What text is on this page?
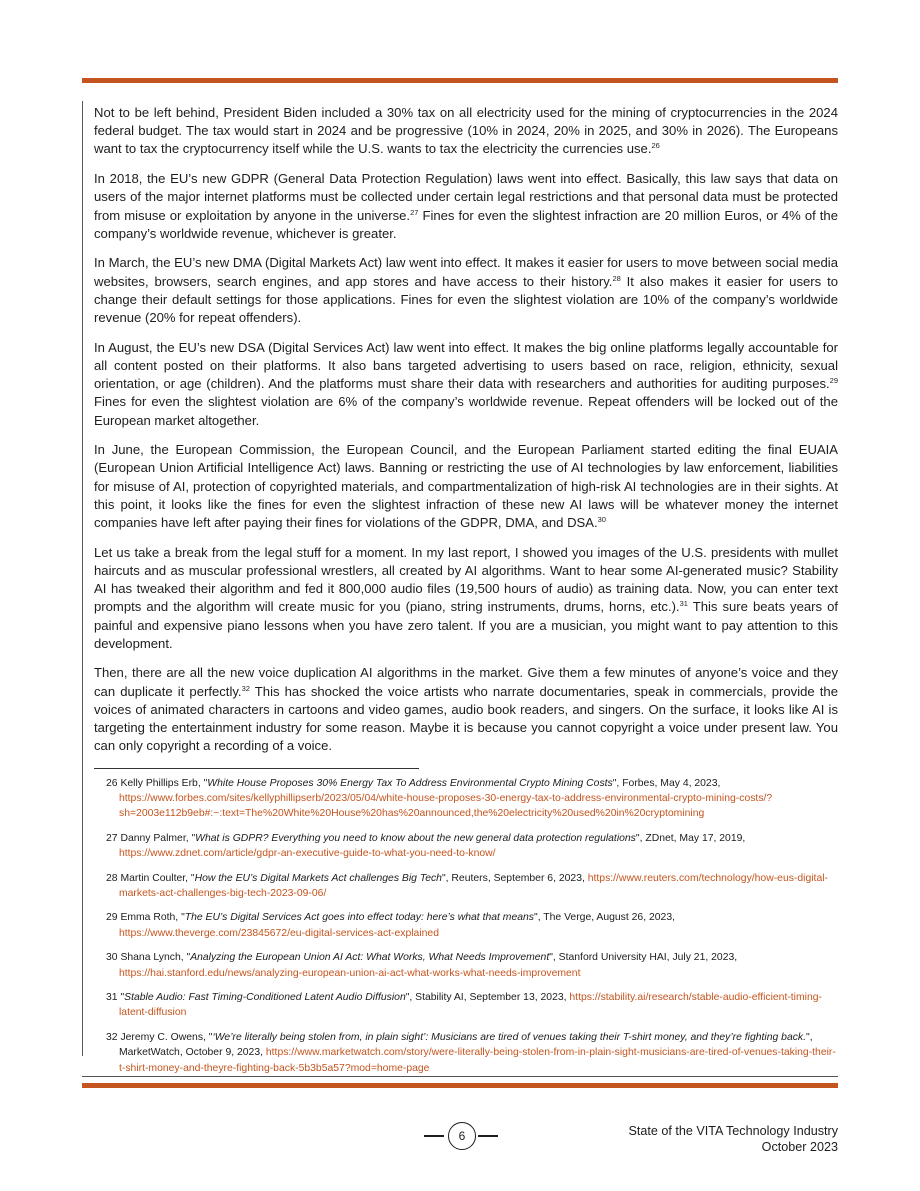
Not to be left behind, President Biden included a 30% tax on all electricity used for the mining of cryptocurrencies in the 2024 federal budget. The tax would start in 2024 and be progressive (10% in 2024, 20% in 2025, and 30% in 2026). The Europeans want to tax the cryptocurrency itself while the U.S. wants to tax the electricity the currencies use.$^{26}$

In 2018, the EU’s new GDPR (General Data Protection Regulation) laws went into effect. Basically, this law says that data on users of the major internet platforms must be collected under certain legal restrictions and that personal data must be protected from misuse or exploitation by anyone in the universe.$^{27}$ Fines for even the slightest infraction are 20 million Euros, or 4% of the company’s worldwide revenue, whichever is greater.

In March, the EU’s new DMA (Digital Markets Act) law went into effect. It makes it easier for users to move between social media websites, browsers, search engines, and app stores and have access to their history.$^{28}$ It also makes it easier for users to change their default settings for those applications. Fines for even the slightest violation are 10% of the company’s worldwide revenue (20% for repeat offenders).

In August, the EU’s new DSA (Digital Services Act) law went into effect. It makes the big online platforms legally accountable for all content posted on their platforms. It also bans targeted advertising to users based on race, religion, ethnicity, sexual orientation, or age (children). And the platforms must share their data with researchers and authorities for auditing purposes.$^{29}$ Fines for even the slightest violation are 6% of the company’s worldwide revenue. Repeat offenders will be locked out of the European market altogether.

In June, the European Commission, the European Council, and the European Parliament started editing the final EUAIA (European Union Artificial Intelligence Act) laws. Banning or restricting the use of AI technologies by law enforcement, liabilities for misuse of AI, protection of copyrighted materials, and compartmentalization of high-risk AI technologies are in their sights. At this point, it looks like the fines for even the slightest infraction of these new AI laws will be whatever money the internet companies have left after paying their fines for violations of the GDPR, DMA, and DSA.$^{30}$

Let us take a break from the legal stuff for a moment. In my last report, I showed you images of the U.S. presidents with mullet haircuts and as muscular professional wrestlers, all created by AI algorithms. Want to hear some AI-generated music? Stability AI has tweaked their algorithm and fed it 800,000 audio files (19,500 hours of audio) as training data. Now, you can enter text prompts and the algorithm will create music for you (piano, string instruments, drums, horns, etc.).$^{31}$ This sure beats years of painful and expensive piano lessons when you have zero talent. If you are a musician, you might want to pay attention to this development.

Then, there are all the new voice duplication AI algorithms in the market. Give them a few minutes of anyone’s voice and they can duplicate it perfectly.$^{32}$ This has shocked the voice artists who narrate documentaries, speak in commercials, provide the voices of animated characters in cartoons and video games, audio book readers, and singers. On the surface, it looks like AI is targeting the entertainment industry for some reason. Maybe it is because you cannot copyright a voice under present law. You can only copyright a recording of a voice.

26 Kelly Phillips Erb, "White House Proposes 30% Energy Tax To Address Environmental Crypto Mining Costs", Forbes, May 4, 2023, https://www.forbes.com/sites/kellyphillipserb/2023/05/04/white-house-proposes-30-energy-tax-to-address-environmental-crypto-mining-costs/?sh=2003e112b9eb#:~:text=The%20White%20House%20has%20announced,the%20electricity%20used%20in%20cryptomining
27 Danny Palmer, "What is GDPR? Everything you need to know about the new general data protection regulations", ZDnet, May 17, 2019, https://www.zdnet.com/article/gdpr-an-executive-guide-to-what-you-need-to-know/
28 Martin Coulter, "How the EU’s Digital Markets Act challenges Big Tech", Reuters, September 6, 2023, https://www.reuters.com/technology/how-eus-digital-markets-act-challenges-big-tech-2023-09-06/
29 Emma Roth, "The EU’s Digital Services Act goes into effect today: here’s what that means", The Verge, August 26, 2023, https://www.theverge.com/23845672/eu-digital-services-act-explained
30 Shana Lynch, "Analyzing the European Union AI Act: What Works, What Needs Improvement", Stanford University HAI, July 21, 2023, https://hai.stanford.edu/news/analyzing-european-union-ai-act-what-works-what-needs-improvement
31 "Stable Audio: Fast Timing-Conditioned Latent Audio Diffusion", Stability AI, September 13, 2023, https://stability.ai/research/stable-audio-efficient-timing-latent-diffusion
32 Jeremy C. Owens, "‘We’re literally being stolen from, in plain sight’: Musicians are tired of venues taking their T-shirt money, and they’re fighting back.", MarketWatch, October 9, 2023, https://www.marketwatch.com/story/were-literally-being-stolen-from-in-plain-sight-musicians-are-tired-of-venues-taking-their-t-shirt-money-and-theyre-fighting-back-5b3b5a57?mod=home-page
6	State of the VITA Technology Industry
October 2023
